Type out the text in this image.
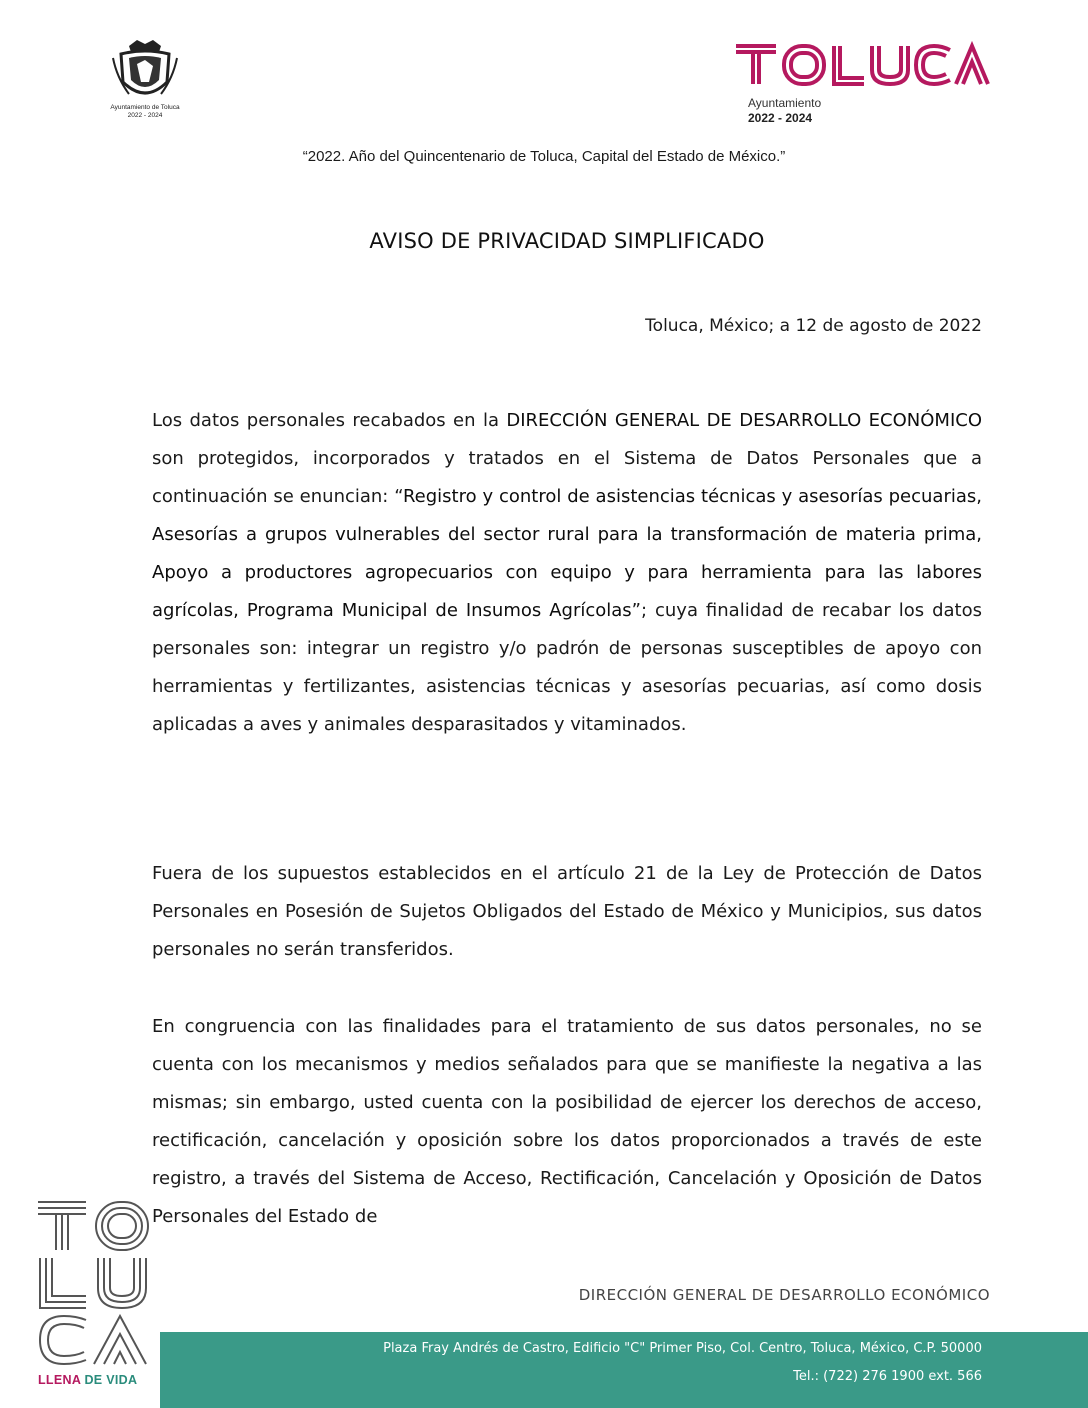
Ayuntamiento de Toluca
2022 - 2024
Ayuntamiento
2022 - 2024
“2022. Año del Quincentenario de Toluca, Capital del Estado de México.”
AVISO DE PRIVACIDAD SIMPLIFICADO
Toluca, México; a 12 de agosto de 2022

Los datos personales recabados en la DIRECCIÓN GENERAL DE DESARROLLO ECONÓMICO son protegidos, incorporados y tratados en el Sistema de Datos Personales que a continuación se enuncian: “Registro y control de asistencias técnicas y asesorías pecuarias, Asesorías a grupos vulnerables del sector rural para la transformación de materia prima, Apoyo a productores agropecuarios con equipo y para herramienta para las labores agrícolas, Programa Municipal de Insumos Agrícolas”; cuya finalidad de recabar los datos personales son: integrar un registro y/o padrón de personas susceptibles de apoyo con herramientas y fertilizantes, asistencias técnicas y asesorías pecuarias, así como dosis aplicadas a aves y animales desparasitados y vitaminados.

Fuera de los supuestos establecidos en el artículo 21 de la Ley de Protección de Datos Personales en Posesión de Sujetos Obligados del Estado de México y Municipios, sus datos personales no serán transferidos.

En congruencia con las finalidades para el tratamiento de sus datos personales, no se cuenta con los mecanismos y medios señalados para que se manifieste la negativa a las mismas; sin embargo, usted cuenta con la posibilidad de ejercer los derechos de acceso, rectificación, cancelación y oposición sobre los datos proporcionados a través de este registro, a través del Sistema de Acceso, Rectificación, Cancelación y Oposición de Datos Personales del Estado de

LLENA DE VIDA
DIRECCIÓN GENERAL DE DESARROLLO ECONÓMICO
Plaza Fray Andrés de Castro, Edificio "C" Primer Piso, Col. Centro, Toluca, México, C.P. 50000
Tel.: (722) 276 1900 ext. 566
